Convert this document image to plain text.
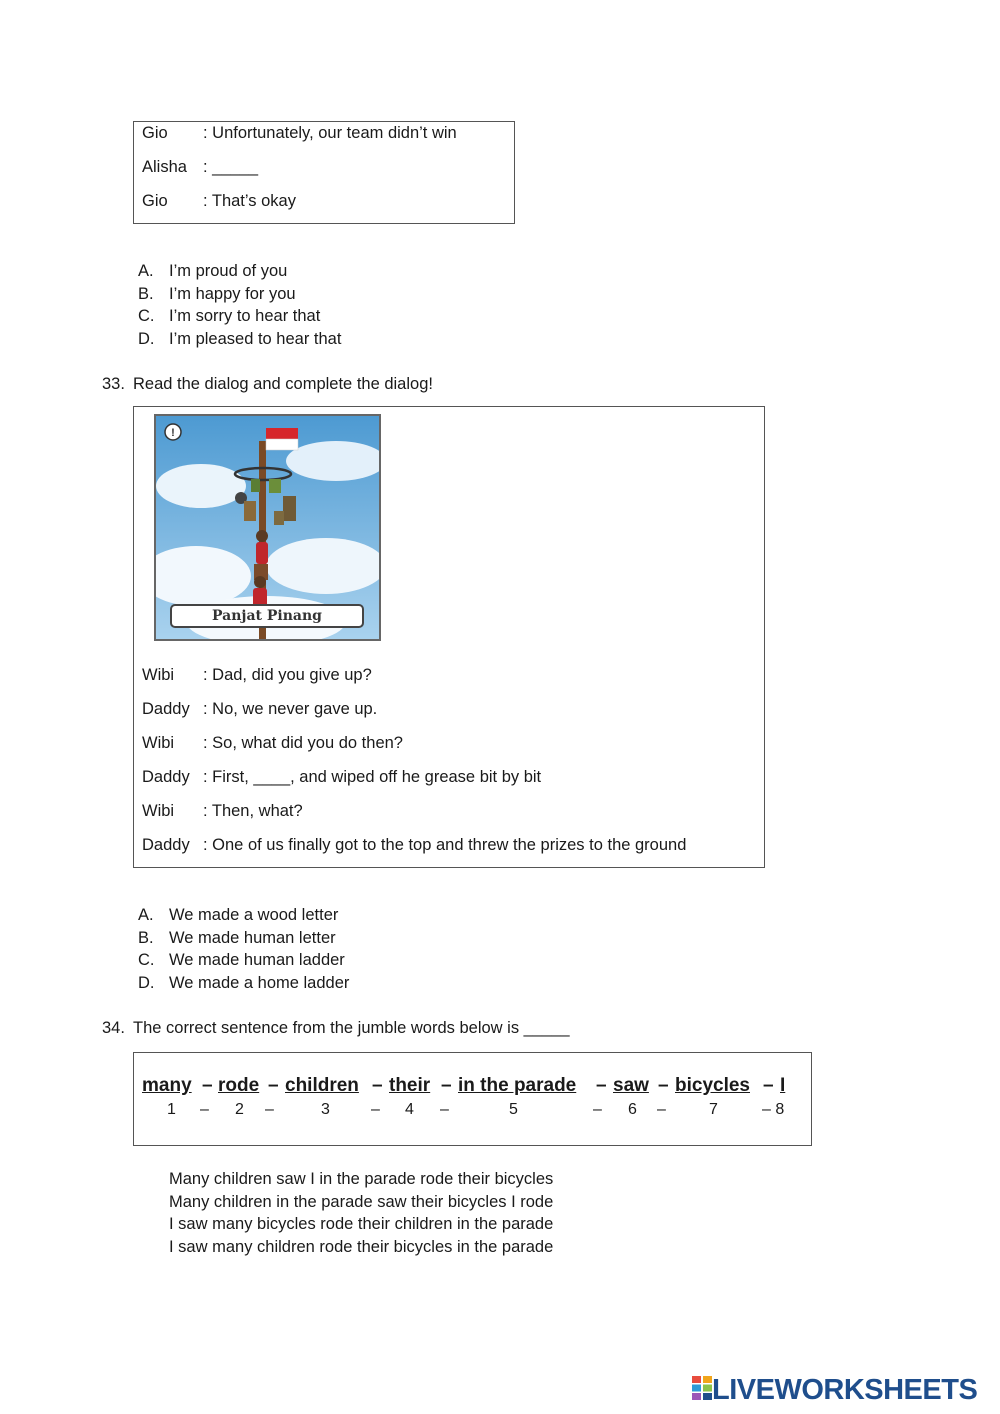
Gio : Unfortunately, our team didn’t win
Alisha : _____
Gio : That’s okay
A. I’m proud of you
B. I’m happy for you
C. I’m sorry to hear that
D. I’m pleased to hear that
33. Read the dialog and complete the dialog!
!
Panjat Pinang
Wibi : Dad, did you give up?
Daddy : No, we never gave up.
Wibi : So, what did you do then?
Daddy : First, ____, and wiped off he grease bit by bit
Wibi : Then, what?
Daddy : One of us finally got to the top and threw the prizes to the ground
A. We made a wood letter
B. We made human letter
C. We made human ladder
D. We made a home ladder
34. The correct sentence from the jumble words below is _____
many – rode – children – their – in the parade – saw – bicycles – I
1 – 2 –	3	– 4 –	5	– 6 –	7	– 8
Many children saw I in the parade rode their bicycles
Many children in the parade saw their bicycles I rode
I saw many bicycles rode their children in the parade
I saw many children rode their bicycles in the parade
LIVEWORKSHEETS
